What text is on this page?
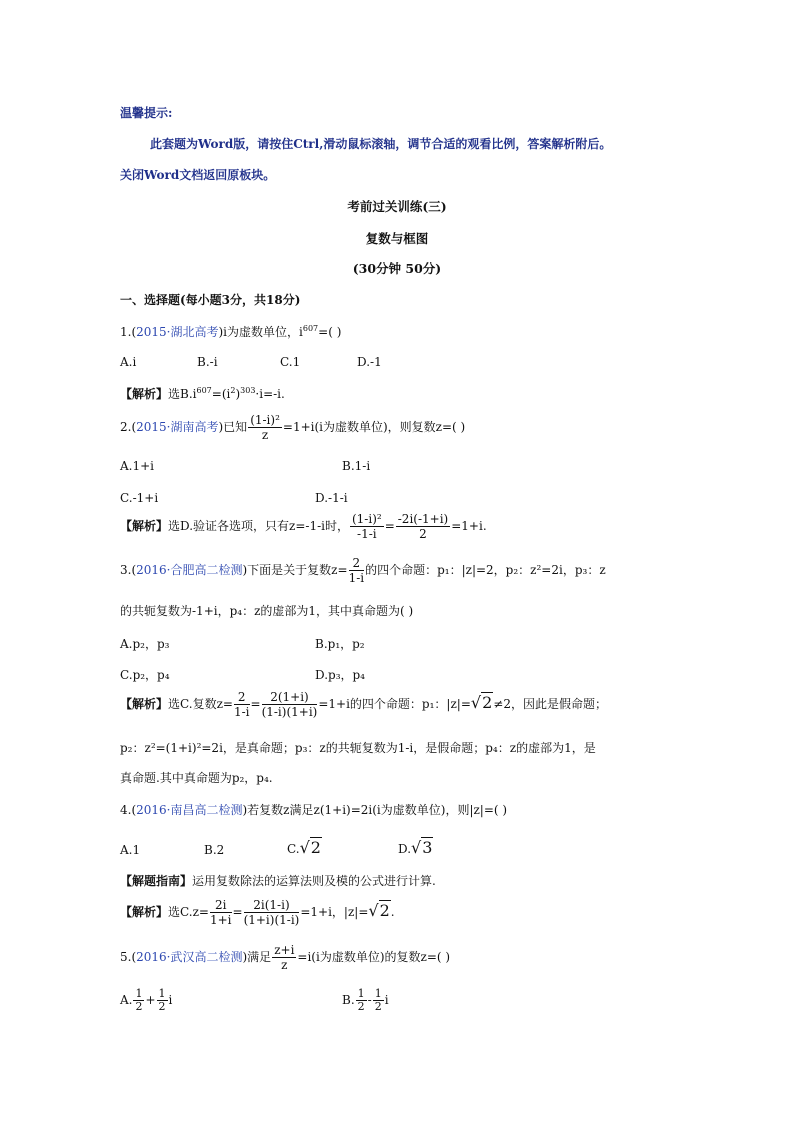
温馨提示:
此套题为Word版，请按住Ctrl,滑动鼠标滚轴，调节合适的观看比例，答案解析附后。
关闭Word文档返回原板块。
考前过关训练(三)
复数与框图
(30分钟 50分)
一、选择题(每小题3分，共18分)
1.(2015·湖北高考)i为虚数单位，$i^{607}=$( )
A.i	B.-i	C.1	D.-1
【解析】选$B.i^{607}=(i^2)^{303}\cdot i=-i$.
2.(2015·湖南高考)已知 $\frac{\text{(1-i)²}}{z} =1+i(i$为虚数单位)，则复数z=( )
A.1+i	B.1-i
C.-1+i	D.-1-i
【解析】选D.验证各选项，只有z=-1-i时， $\frac{\text{(1-i)²}}{-1-i} = \frac{-2i(-1+i)}{2} =1+i$.
3.(2016·合肥高二检测)下面是关于复数$z= \frac{2}{1-i}$ 的四个命题：p₁：|z|=2，p₂：z²=2i，p₃：z
的共轭复数为-1+i，p₄：z的虚部为1，其中真命题为( )
A.p₂，p₃	B.p₁，p₂
C.p₂，p₄	D.p₃，p₄
【解析】选C.复数$z= \frac{2}{1-i} = \frac{2(1+i)}{(1-i)(1+i)} =1+i$的四个命题：p₁：|z|=√2≠2，因此是假命题；
p₂：z²=(1+i)²=2i，是真命题；p₃：z的共轭复数为1-i，是假命题；p₄：z的虚部为1，是
真命题.其中真命题为p₂，p₄.
4.(2016·南昌高二检测)若复数z满足z(1+i)=2i(i为虚数单位)，则|z|=( )
A.1	B.2	C.√2	D.√3
【解题指南】运用复数除法的运算法则及模的公式进行计算.
【解析】选$C.z= \frac{2i}{1+i} = \frac{2i(1-i)}{(1+i)(1-i)} =1+i$，|z|=√2.
5.(2016·武汉高二检测)满足 $\frac{z+i}{z} =i(i$为虚数单位)的复数z=( )
A. $\frac{1}{2} + \frac{1}{2}$ i	B. $\frac{1}{2} - \frac{1}{2}$ i
